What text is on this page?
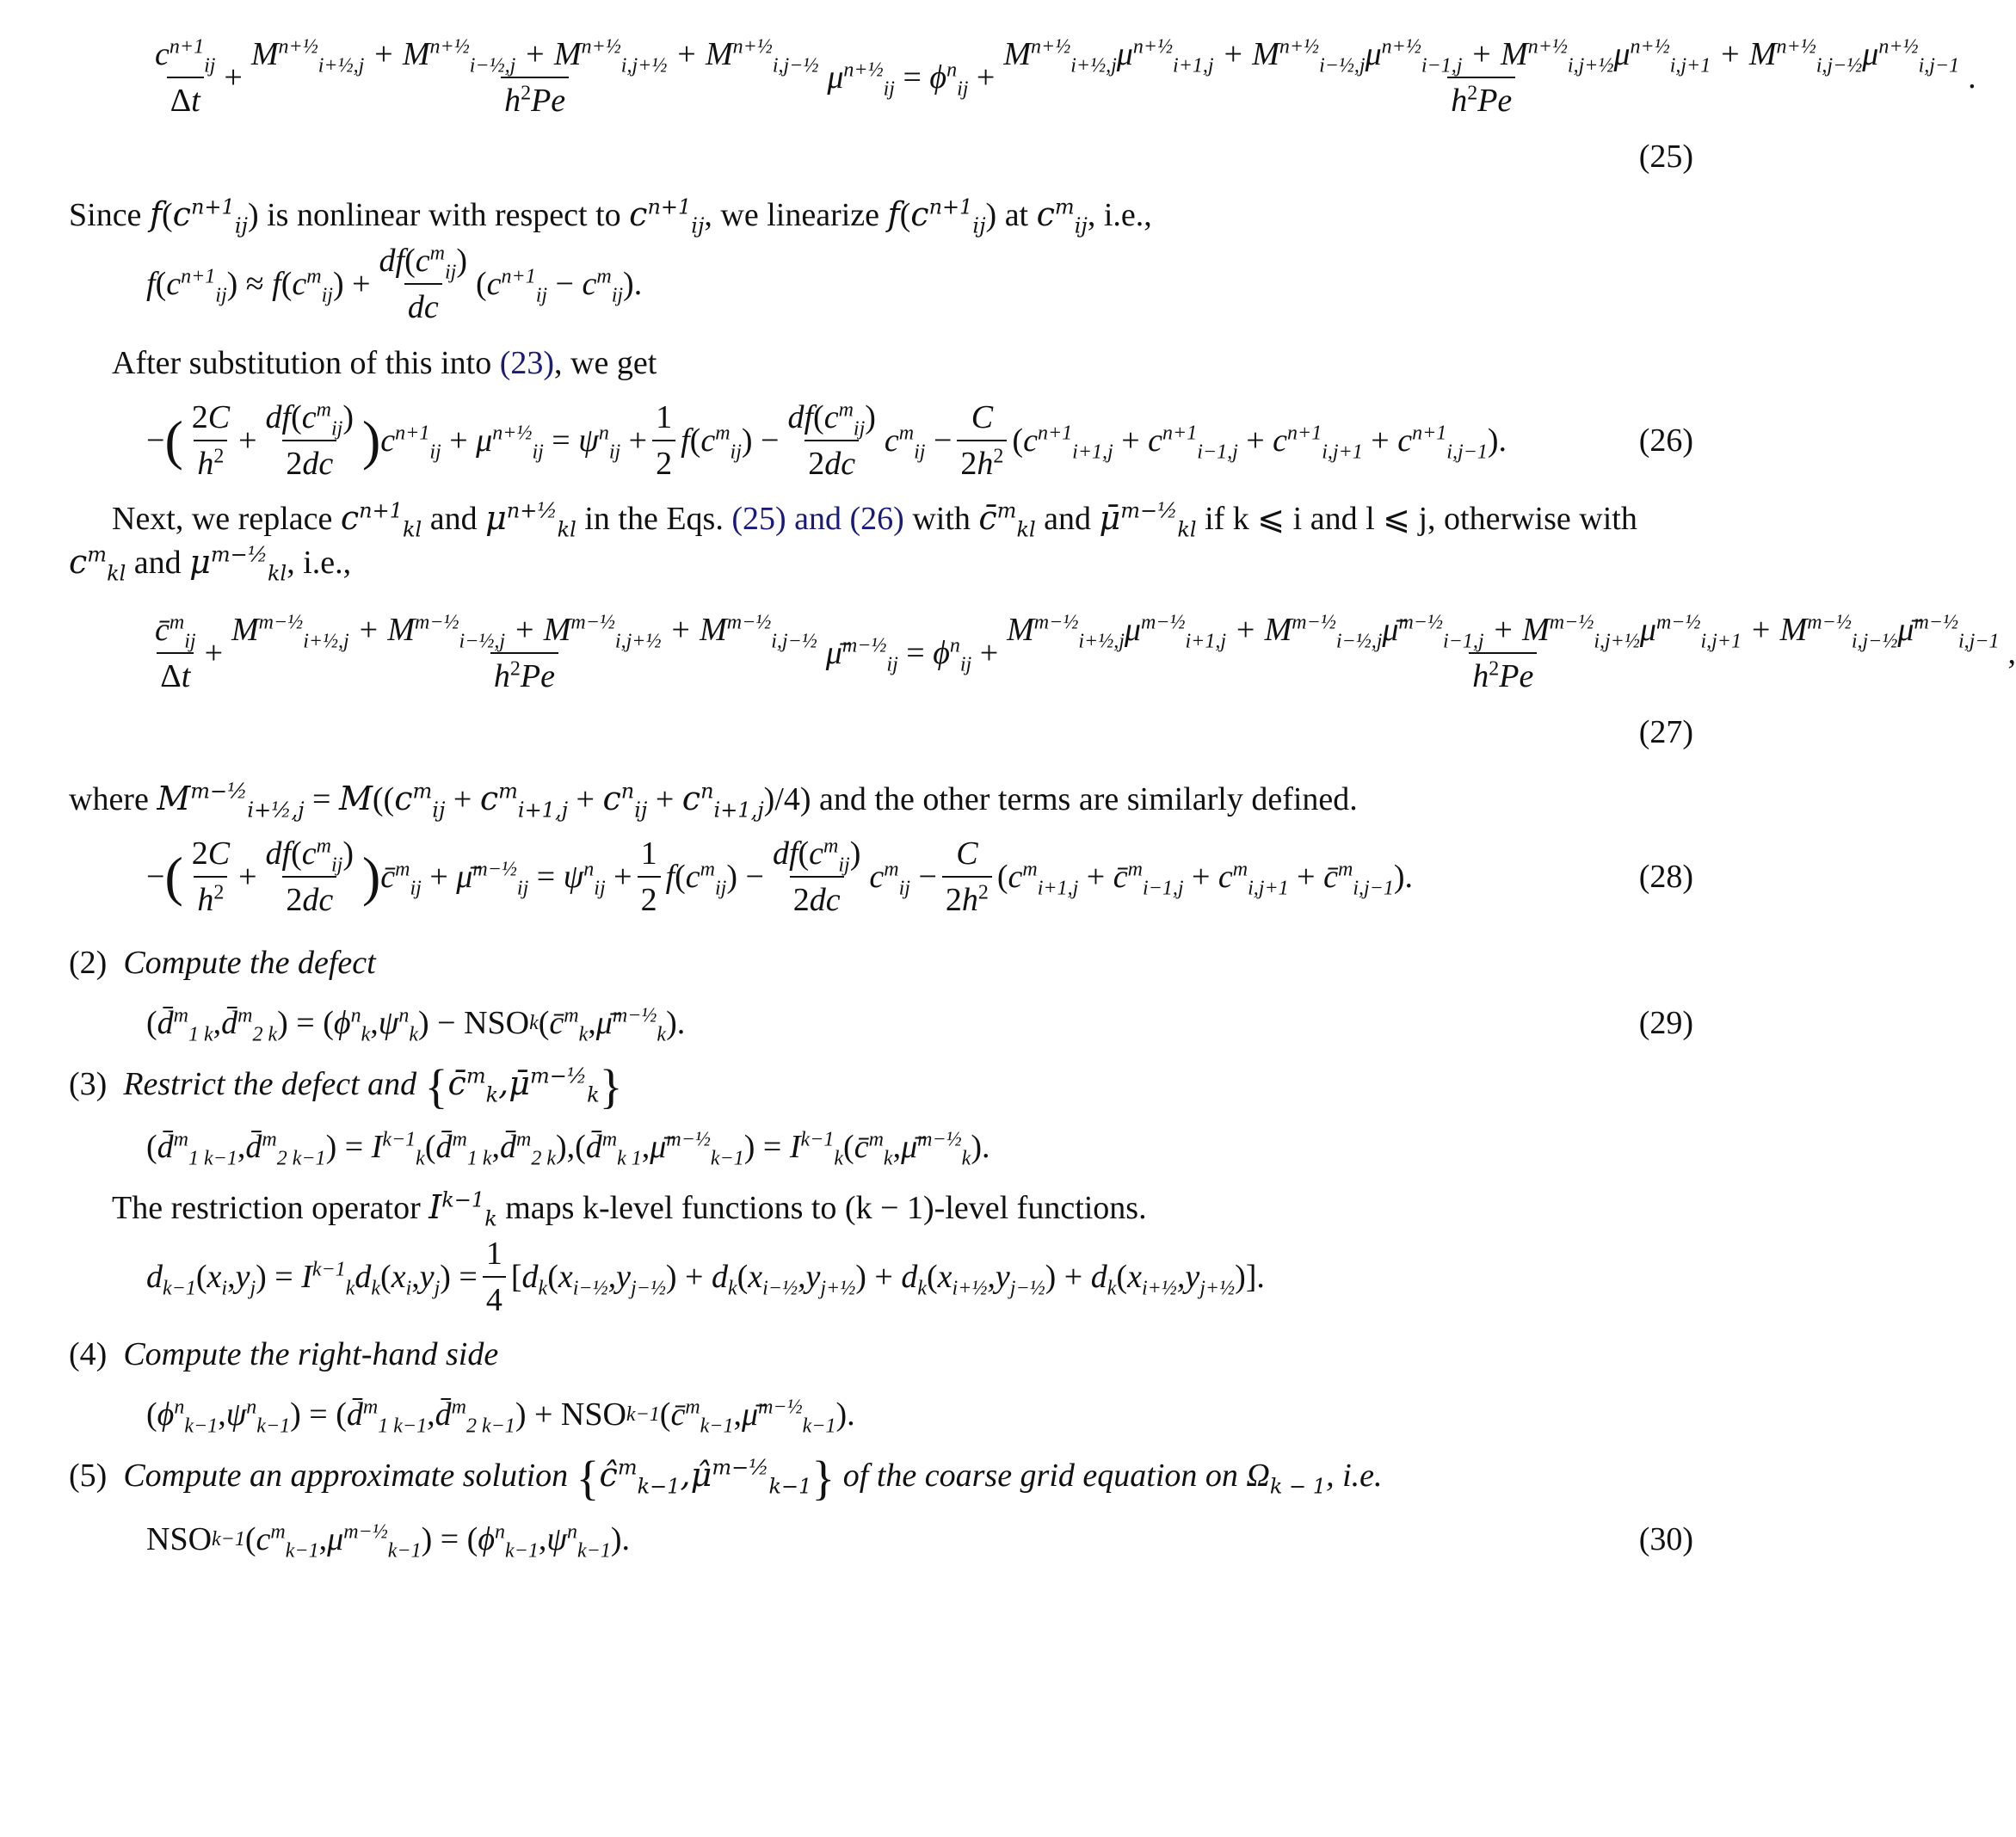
$\frac{c^{n+1}_{ij}}{\Delta t} + \frac{M^{n+\frac{1}{2}}_{i+\frac{1}{2},j} + M^{n+\frac{1}{2}}_{i-\frac{1}{2},j} + M^{n+\frac{1}{2}}_{i,j+\frac{1}{2}} + M^{n+\frac{1}{2}}_{i,j-\frac{1}{2}}}{h^2Pe} \mu^{n+\frac{1}{2}}_{ij} = \phi^n_{ij}$ +
$M^{n+\frac{1}{2}}_{i+\frac{1}{2},j}\mu^{n+\frac{1}{2}}_{i+1,j} + M^{n+\frac{1}{2}}_{i-\frac{1}{2},j}\mu^{n+\frac{1}{2}}_{i-1,j} + M^{n+\frac{1}{2}}_{i,j+\frac{1}{2}}\mu^{n+\frac{1}{2}}_{i,j+1} + M^{n+\frac{1}{2}}_{i,j-\frac{1}{2}}\mu^{n+\frac{1}{2}}_{i,j-1}$
$h^2Pe$
.
(25)
Since $f(c^{n+1}_{ij})$ is nonlinear with respect to $c^{n+1}_{ij}$, we linearize $f(c^{n+1}_{ij})$ at $c^m_{ij}$, i.e.,
f ( $c^{n+1}_{ij}$ ) ≈ f ( $c^m_{ij}$ ) + $\frac{df(c^m_{ij})}{dc}$ ( $c^{n+1}_{ij} - c^m_{ij}$ ).
After substitution of this into (23), we get
− ( $\frac{2C}{h^2} + \frac{df(c^m_{ij})}{2dc}$ ) $c^{n+1}_{ij} + \mu^{n+\frac{1}{2}}_{ij} = \psi^n_{ij} + \frac{1}{2}$ f ( $c^m_{ij}$ ) − $\frac{df(c^m_{ij})}{2dc} c^m_{ij} - \frac{C}{2h^2}$ ( $c^{n+1}_{i+1,j} + c^{n+1}_{i-1,j} + c^{n+1}_{i,j+1} + c^{n+1}_{i,j-1}$ ).	(26)
Next, we replace $c^{n+1}_{kl}$ and $\mu^{n+\frac{1}{2}}_{kl}$ in the Eqs. (25) and (26) with c̄$^m_{kl}$ and μ̄$^{m-\frac{1}{2}}_{kl}$ if k ⩽ i and l ⩽ j, otherwise with
$c^m_{kl}$ and $\mu^{m-\frac{1}{2}}_{kl}$, i.e.,
$\frac{c̄^m_{ij}}{\Delta t} + \frac{M^{m-\frac{1}{2}}_{i+\frac{1}{2},j} + M^{m-\frac{1}{2}}_{i-\frac{1}{2},j} + M^{m-\frac{1}{2}}_{i,j+\frac{1}{2}} + M^{m-\frac{1}{2}}_{i,j-\frac{1}{2}}}{h^2Pe}$ μ̄$^{m-\frac{1}{2}}_{ij}$ = $\phi^n_{ij}$ +
$M^{m-\frac{1}{2}}_{i+\frac{1}{2},j}\mu^{m-\frac{1}{2}}_{i+1,j}$ + $M^{m-\frac{1}{2}}_{i-\frac{1}{2},j}\mū^{m-\frac{1}{2}}_{i-1,j} + M^{m-\frac{1}{2}}_{i,j+\frac{1}{2}}\mu^{m-\frac{1}{2}}_{i,j+1}$ + $M^{m-\frac{1}{2}}_{i,j-\frac{1}{2}}\mū^{m-\frac{1}{2}}_{i,j-1}$
$h^2Pe$
,
(27)
where $M^{m-\frac{1}{2}}_{i+\frac{1}{2},j} = M((c^m_{ij} + c^m_{i+1,j} + c^n_{ij} + c^n_{i+1,j})/4)$ and the other terms are similarly defined.
− ( $\frac{2C}{h^2} + \frac{df(c^m_{ij})}{2dc}$ ) c̄$^m_{ij}$ + μ̄$^{m-\frac{1}{2}}_{ij}$ = $\psi^n_{ij} + \frac{1}{2}$ f ( $c^m_{ij}$ ) − $\frac{df(c^m_{ij})}{2dc} c^m_{ij} - \frac{C}{2h^2}$ ( $c^m_{i+1,j}$ + c̄$^m_{i-1,j}$ + $c^m_{i,j+1}$ + c̄$^m_{i,j-1}$ ).	(28)
(2) Compute the defect
( d̄$^m_{1 k}$ , d̄$^m_{2 k}$ ) = ( $\phi^n_k$ , $\psi^n_k$ ) − NSO k ( c̄$^m_k$ , μ̄$^{m-\frac{1}{2}}_k$ ).	(29)
(3) Restrict the defect and {c̄$^m_k$,μ̄$^{m-\frac{1}{2}}_k$}
( d̄$^m_{1 k-1}$ , d̄$^m_{2 k-1}$ ) = $I^{k-1}_k$ ( d̄$^m_{1 k}$ , d̄$^m_{2 k}$ ),( d̄$^m_{k 1}$ , μ̄$^{m-\frac{1}{2}}_{k-1}$ ) = $I^{k-1}_k$ ( c̄$^m_k$ , μ̄$^{m-\frac{1}{2}}_k$ ).
The restriction operator $I^{k-1}_k$ maps k-level functions to (k − 1)-level functions.
$d_{k-1}$ ( $x_i$ , $y_j$ ) = $I^{k-1}_kd_k$ ( $x_i$ , $y_j$ ) = $\frac{1}{4}$ [ $d_k$ ( $x_{i-\frac{1}{2}},y_{j-\frac{1}{2}}$ ) + $d_k$ ( $x_{i-\frac{1}{2}},y_{j+\frac{1}{2}}$ ) + $d_k$ ( $x_{i+\frac{1}{2}},y_{j-\frac{1}{2}}$ ) + $d_k$ ( $x_{i+\frac{1}{2}},y_{j+\frac{1}{2}}$ )].
(4) Compute the right-hand side
( $\phi^n_{k-1}$ , $\psi^n_{k-1}$ ) = ( d̄$^m_{1 k-1}$ , d̄$^m_{2 k-1}$ ) + NSO k−1 ( c̄$^m_{k-1}$ , μ̄$^{m-\frac{1}{2}}_{k-1}$ ).
(5) Compute an approximate solution $\{ĉ^m_{k-1},\mû^{m-\frac{1}{2}}_{k-1}\}$ of the coarse grid equation on $\Omega_{k - 1}$, i.e.
NSO k−1 ( $c^m_{k-1}$ , $\mu^{m-\frac{1}{2}}_{k-1}$ ) = ( $\phi^n_{k-1}$ , $\psi^n_{k-1}$ ).	(30)
